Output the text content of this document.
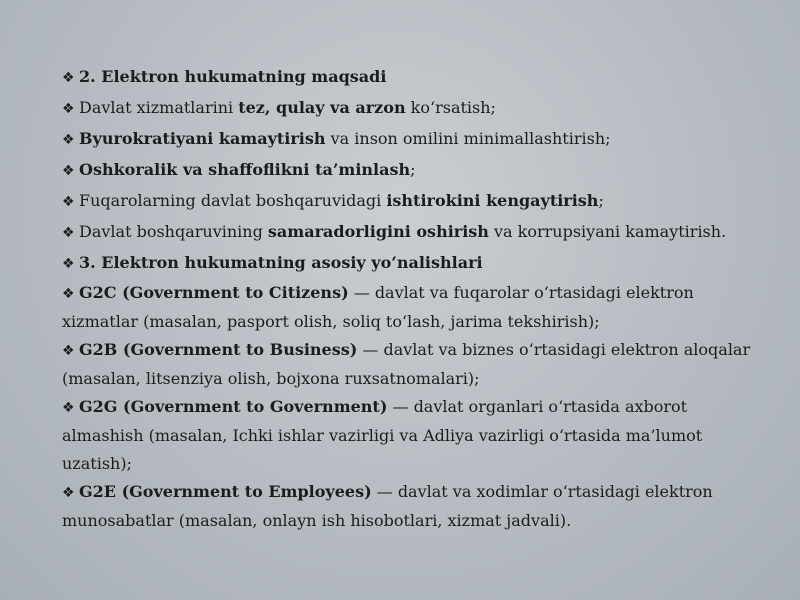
❖ 2. Elektron hukumatning maqsadi
❖ Davlat xizmatlarini tez, qulay va arzon ko‘rsatish;
❖ Byurokratiyani kamaytirish va inson omilini minimallashtirish;
❖ Oshkoralik va shaffoflikni ta’minlash;
❖ Fuqarolarning davlat boshqaruvidagi ishtirokini kengaytirish;
❖ Davlat boshqaruvining samaradorligini oshirish va korrupsiyani kamaytirish.
❖ 3. Elektron hukumatning asosiy yo‘nalishlari
❖ G2C (Government to Citizens) — davlat va fuqarolar o‘rtasidagi elektron xizmatlar (masalan, pasport olish, soliq to‘lash, jarima tekshirish);
❖ G2B (Government to Business) — davlat va biznes o‘rtasidagi elektron aloqalar (masalan, litsenziya olish, bojxona ruxsatnomalari);
❖ G2G (Government to Government) — davlat organlari o‘rtasida axborot almashish (masalan, Ichki ishlar vazirligi va Adliya vazirligi o‘rtasida ma’lumot uzatish);
❖ G2E (Government to Employees) — davlat va xodimlar o‘rtasidagi elektron munosabatlar (masalan, onlayn ish hisobotlari, xizmat jadvali).
